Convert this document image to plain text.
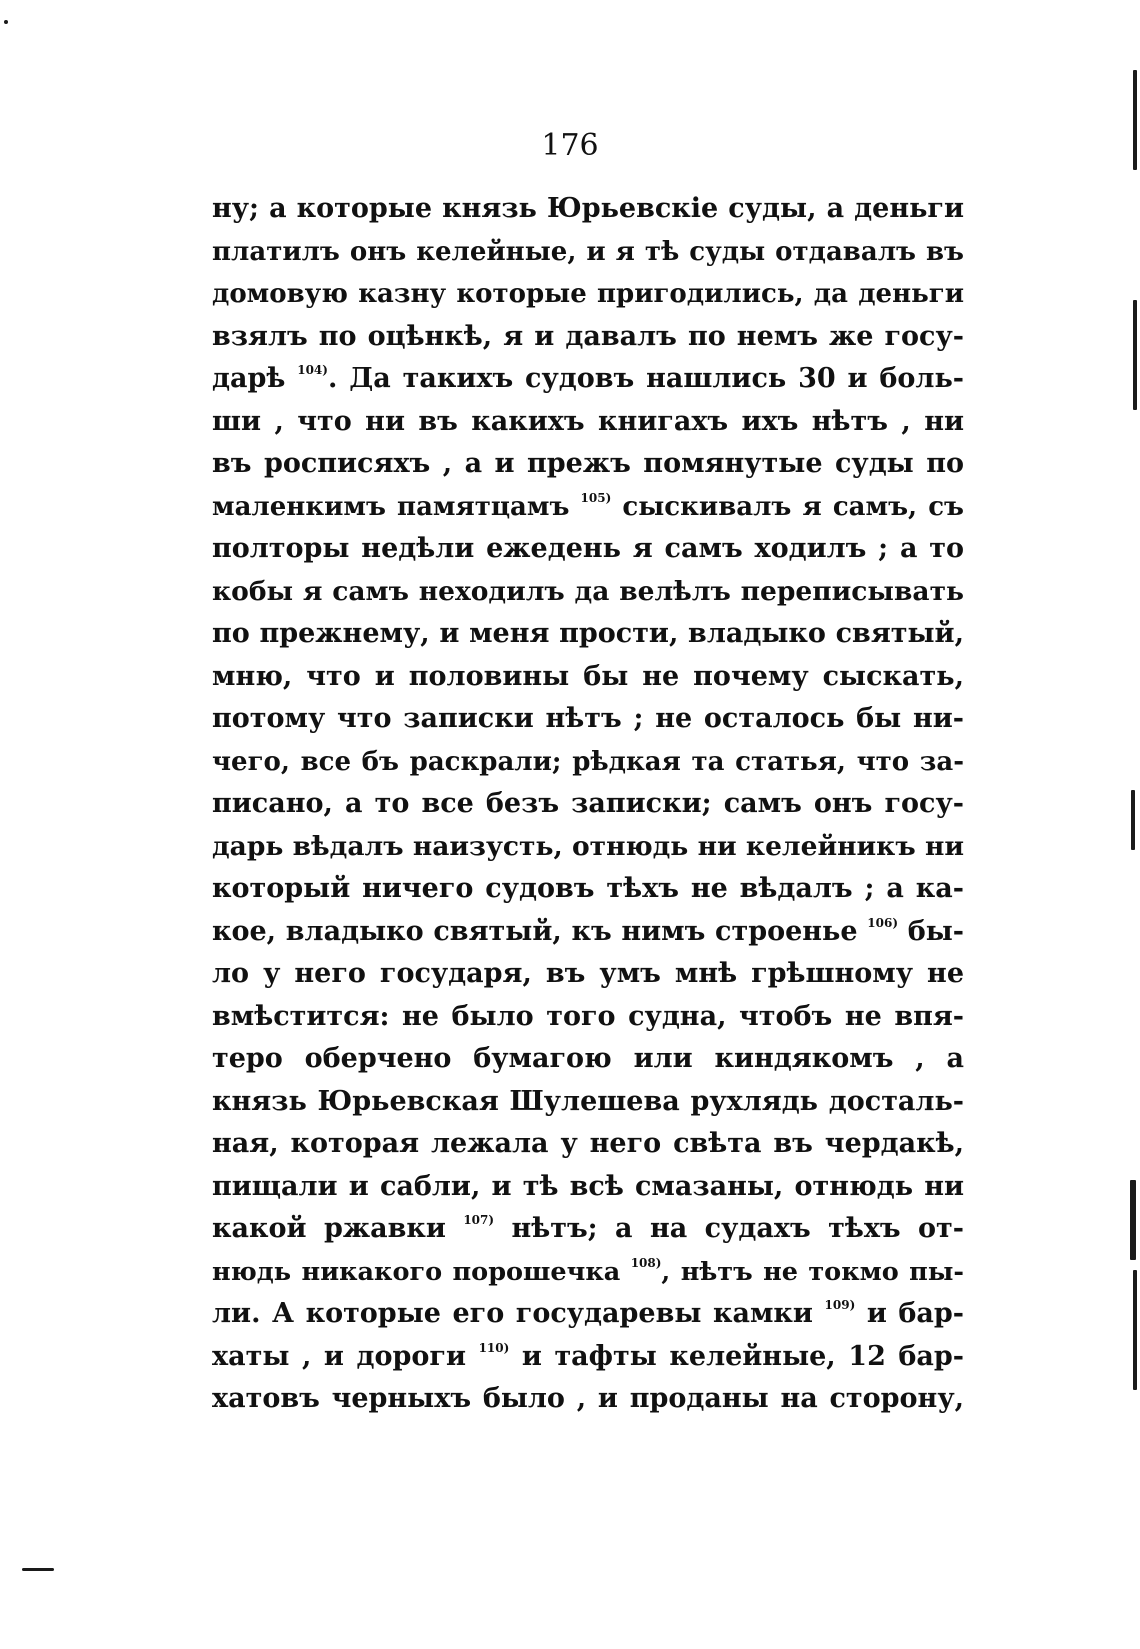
176
ну; а которые князь Юрьевскіе суды, а деньги
платилъ онъ келейные, и я тѣ суды отдавалъ въ
домовую казну которые пригодились, да деньги
взялъ по оцѣнкѣ, я и давалъ по немъ же госу-
дарѣ $^{104)}$. Да такихъ судовъ нашлись 30 и боль-
ши , что ни въ какихъ книгахъ ихъ нѣтъ , ни
въ росписяхъ , а и прежъ помянутые суды по
маленкимъ памятцамъ $^{105)}$ сыскивалъ я самъ, съ
полторы недѣли ежедень я самъ ходилъ ; а то
кобы я самъ неходилъ да велѣлъ переписывать
по прежнему, и меня прости, владыко святый,
мню, что и половины бы не почему сыскать,
потому что записки нѣтъ ; не осталось бы ни-
чего, все бъ раскрали; рѣдкая та статья, что за-
писано, а то все безъ записки; самъ онъ госу-
дарь вѣдалъ наизусть, отнюдь ни келейникъ ни
который ничего судовъ тѣхъ не вѣдалъ ; а ка-
кое, владыко святый, къ нимъ строенье $^{106)}$ бы-
ло у него государя, въ умъ мнѣ грѣшному не
вмѣстится: не было того судна, чтобъ не впя-
теро оберчено бумагою или киндякомъ , а
князь Юрьевская Шулешева рухлядь досталь-
ная, которая лежала у него свѣта въ чердакѣ,
пищали и сабли, и тѣ всѣ смазаны, отнюдь ни
какой ржавки $^{107)}$ нѣтъ; а на судахъ тѣхъ от-
нюдь никакого порошечка $^{108)}$, нѣтъ не токмо пы-
ли. А которые его государевы камки $^{109)}$ и бар-
хаты , и дороги $^{110)}$ и тафты келейные, 12 бар-
хатовъ черныхъ было , и проданы на сторону,
